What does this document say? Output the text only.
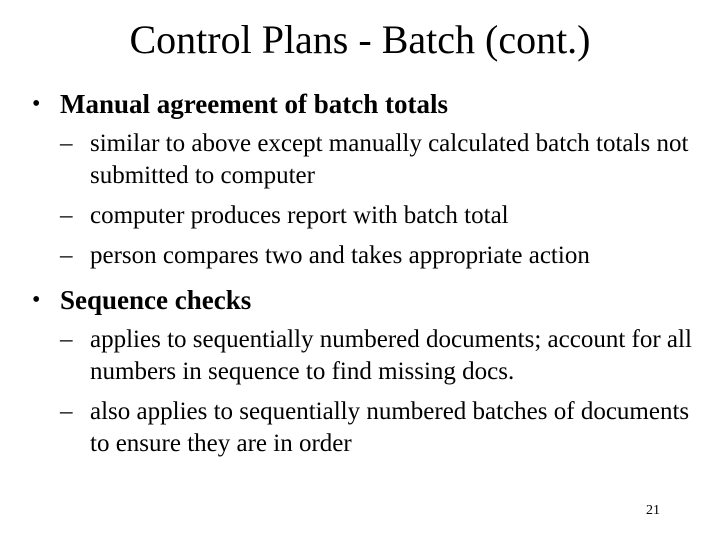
Control Plans - Batch (cont.)
• Manual agreement of batch totals
– similar to above except manually calculated batch totals not submitted to computer
– computer produces report with batch total
– person compares two and takes appropriate action
• Sequence checks
– applies to sequentially numbered documents; account for all numbers in sequence to find missing docs.
– also applies to sequentially numbered batches of documents to ensure they are in order
21
